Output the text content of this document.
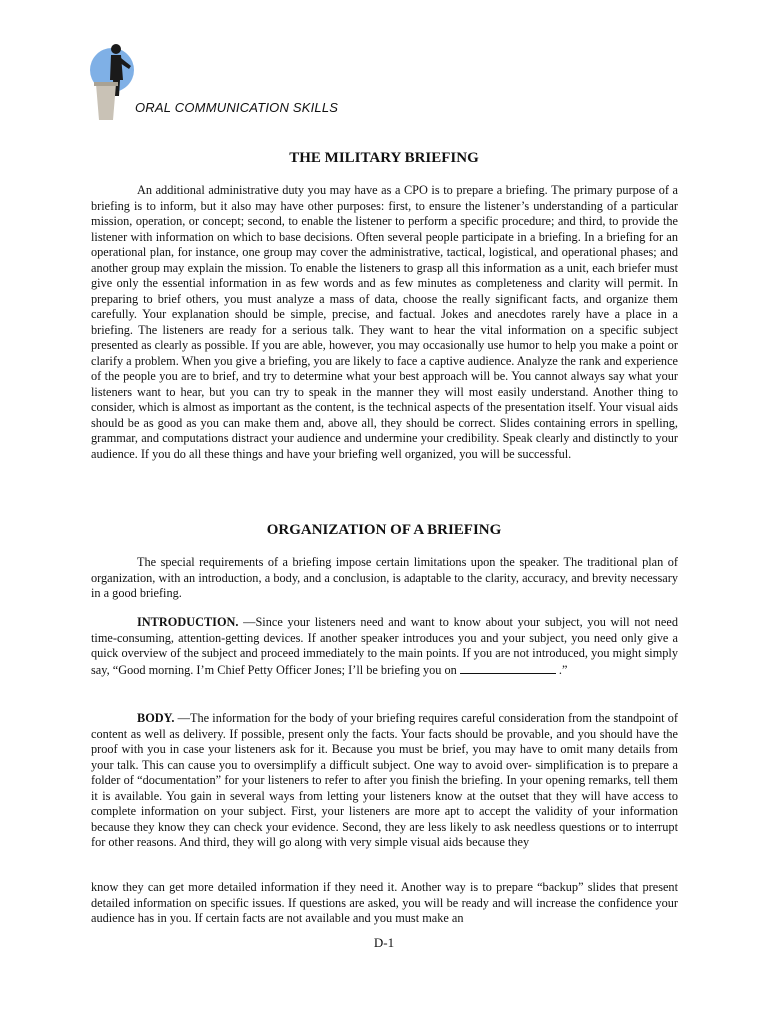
ORAL COMMUNICATION SKILLS
THE MILITARY BRIEFING

An additional administrative duty you may have as a CPO is to prepare a briefing. The primary purpose of a briefing is to inform, but it also may have other purposes: first, to ensure the listener’s understanding of a particular mission, operation, or concept; second, to enable the listener to perform a specific procedure; and third, to provide the listener with information on which to base decisions. Often several people participate in a briefing. In a briefing for an operational plan, for instance, one group may cover the administrative, tactical, logistical, and operational phases; and another group may explain the mission. To enable the listeners to grasp all this information as a unit, each briefer must give only the essential information in as few words and as few minutes as completeness and clarity will permit. In preparing to brief others, you must analyze a mass of data, choose the really significant facts, and organize them carefully. Your explanation should be simple, precise, and factual. Jokes and anecdotes rarely have a place in a briefing. The listeners are ready for a serious talk. They want to hear the vital information on a specific subject presented as clearly as possible. If you are able, however, you may occasionally use humor to help you make a point or clarify a problem. When you give a briefing, you are likely to face a captive audience. Analyze the rank and experience of the people you are to brief, and try to determine what your best approach will be. You cannot always say what your listeners want to hear, but you can try to speak in the manner they will most easily understand. Another thing to consider, which is almost as important as the content, is the technical aspects of the presentation itself. Your visual aids should be as good as you can make them and, above all, they should be correct. Slides containing errors in spelling, grammar, and computations distract your audience and undermine your credibility. Speak clearly and distinctly to your audience. If you do all these things and have your briefing well organized, you will be successful.

ORGANIZATION OF A BRIEFING

The special requirements of a briefing impose certain limitations upon the speaker. The traditional plan of organization, with an introduction, a body, and a conclusion, is adaptable to the clarity, accuracy, and brevity necessary in a good briefing.

INTRODUCTION. —Since your listeners need and want to know about your subject, you will not need time-consuming, attention-getting devices. If another speaker introduces you and your subject, you need only give a quick overview of the subject and proceed immediately to the main points. If you are not introduced, you might simply say, “Good morning. I’m Chief Petty Officer Jones; I’ll be briefing you on	.”

BODY. —The information for the body of your briefing requires careful consideration from the standpoint of content as well as delivery. If possible, present only the facts. Your facts should be provable, and you should have the proof with you in case your listeners ask for it. Because you must be brief, you may have to omit many details from your talk. This can cause you to oversimplify a difficult subject. One way to avoid over- simplification is to prepare a folder of “documentation” for your listeners to refer to after you finish the briefing. In your opening remarks, tell them it is available. You gain in several ways from letting your listeners know at the outset that they will have access to complete information on your subject. First, your listeners are more apt to accept the validity of your information because they know they can check your evidence. Second, they are less likely to ask needless questions or to interrupt for other reasons. And third, they will go along with very simple visual aids because they

know they can get more detailed information if they need it. Another way is to prepare “backup” slides that present detailed information on specific issues. If questions are asked, you will be ready and will increase the confidence your audience has in you. If certain facts are not available and you must make an

D-1
